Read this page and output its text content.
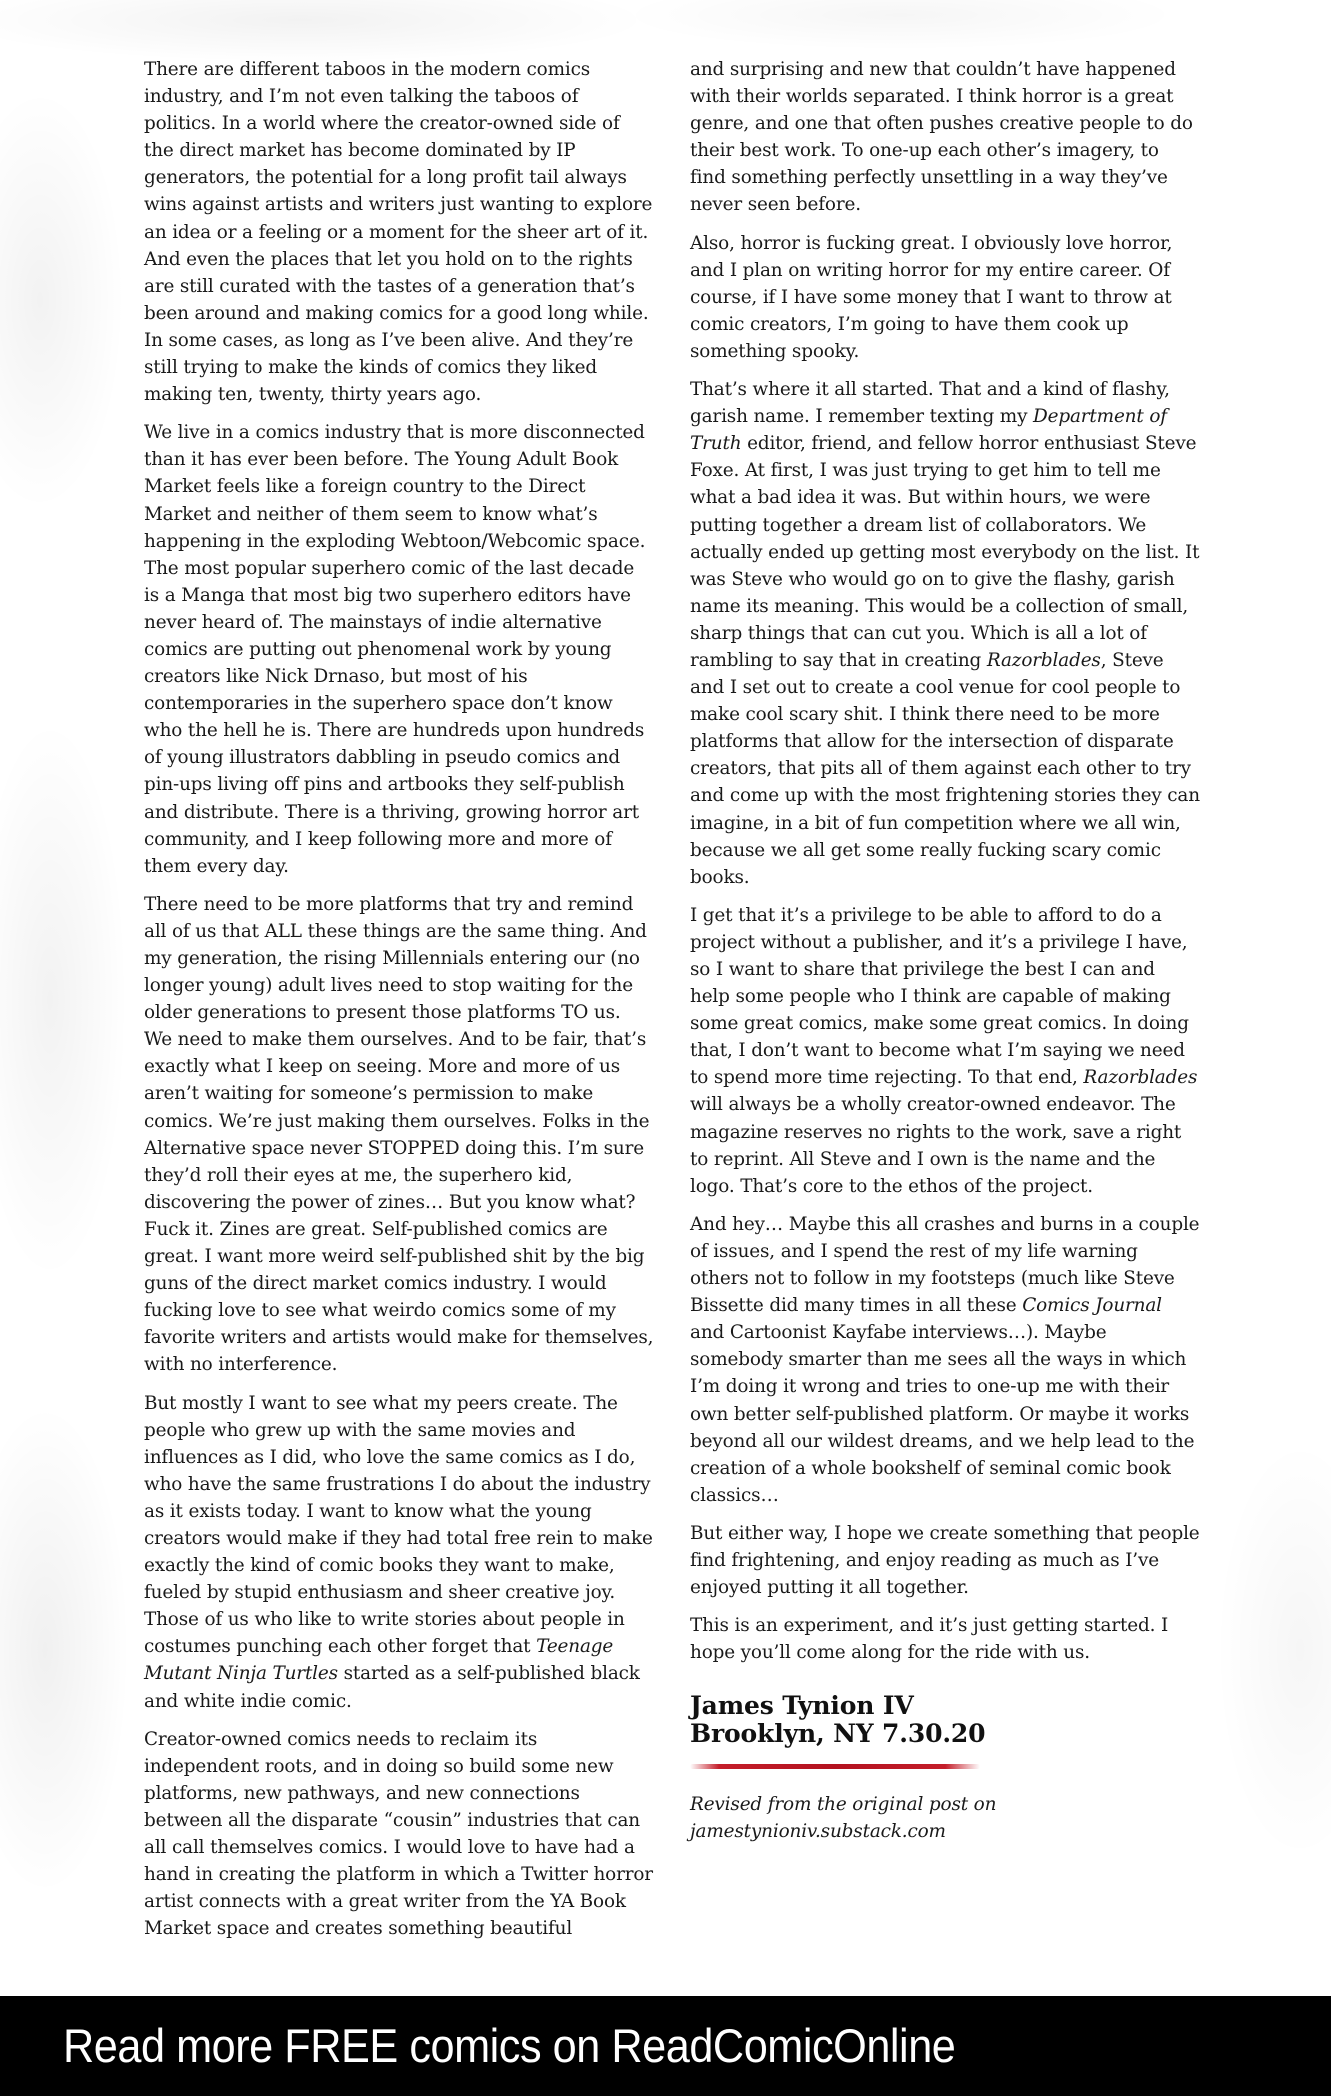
There are different taboos in the modern comics industry, and I’m not even talking the taboos of politics. In a world where the creator-owned side of the direct market has become dominated by IP generators, the potential for a long profit tail always wins against artists and writers just wanting to explore an idea or a feeling or a moment for the sheer art of it. And even the places that let you hold on to the rights are still curated with the tastes of a generation that’s been around and making comics for a good long while. In some cases, as long as I’ve been alive. And they’re still trying to make the kinds of comics they liked making ten, twenty, thirty years ago.

We live in a comics industry that is more disconnected than it has ever been before. The Young Adult Book Market feels like a foreign country to the Direct Market and neither of them seem to know what’s happening in the exploding Webtoon/Webcomic space. The most popular superhero comic of the last decade is a Manga that most big two superhero editors have never heard of. The mainstays of indie alternative comics are putting out phenomenal work by young creators like Nick Drnaso, but most of his contemporaries in the superhero space don’t know who the hell he is. There are hundreds upon hundreds of young illustrators dabbling in pseudo comics and pin-ups living off pins and artbooks they self-publish and distribute. There is a thriving, growing horror art community, and I keep following more and more of them every day.

There need to be more platforms that try and remind all of us that ALL these things are the same thing. And my generation, the rising Millennials entering our (no longer young) adult lives need to stop waiting for the older generations to present those platforms TO us. We need to make them ourselves. And to be fair, that’s exactly what I keep on seeing. More and more of us aren’t waiting for someone’s permission to make comics. We’re just making them ourselves. Folks in the Alternative space never STOPPED doing this. I’m sure they’d roll their eyes at me, the superhero kid, discovering the power of zines… But you know what? Fuck it. Zines are great. Self-published comics are great. I want more weird self-published shit by the big guns of the direct market comics industry. I would fucking love to see what weirdo comics some of my favorite writers and artists would make for themselves, with no interference.

But mostly I want to see what my peers create. The people who grew up with the same movies and influences as I did, who love the same comics as I do, who have the same frustrations I do about the industry as it exists today. I want to know what the young creators would make if they had total free rein to make exactly the kind of comic books they want to make, fueled by stupid enthusiasm and sheer creative joy. Those of us who like to write stories about people in costumes punching each other forget that Teenage Mutant Ninja Turtles started as a self-published black and white indie comic.

Creator-owned comics needs to reclaim its independent roots, and in doing so build some new platforms, new pathways, and new connections between all the disparate “cousin” industries that can all call themselves comics. I would love to have had a hand in creating the platform in which a Twitter horror artist connects with a great writer from the YA Book Market space and creates something beautiful

and surprising and new that couldn’t have happened with their worlds separated. I think horror is a great genre, and one that often pushes creative people to do their best work. To one-up each other’s imagery, to find something perfectly unsettling in a way they’ve never seen before.

Also, horror is fucking great. I obviously love horror, and I plan on writing horror for my entire career. Of course, if I have some money that I want to throw at comic creators, I’m going to have them cook up something spooky.

That’s where it all started. That and a kind of flashy, garish name. I remember texting my Department of Truth editor, friend, and fellow horror enthusiast Steve Foxe. At first, I was just trying to get him to tell me what a bad idea it was. But within hours, we were putting together a dream list of collaborators. We actually ended up getting most everybody on the list. It was Steve who would go on to give the flashy, garish name its meaning. This would be a collection of small, sharp things that can cut you. Which is all a lot of rambling to say that in creating Razorblades, Steve and I set out to create a cool venue for cool people to make cool scary shit. I think there need to be more platforms that allow for the intersection of disparate creators, that pits all of them against each other to try and come up with the most frightening stories they can imagine, in a bit of fun competition where we all win, because we all get some really fucking scary comic books.

I get that it’s a privilege to be able to afford to do a project without a publisher, and it’s a privilege I have, so I want to share that privilege the best I can and help some people who I think are capable of making some great comics, make some great comics. In doing that, I don’t want to become what I’m saying we need to spend more time rejecting. To that end, Razorblades will always be a wholly creator-owned endeavor. The magazine reserves no rights to the work, save a right to reprint. All Steve and I own is the name and the logo. That’s core to the ethos of the project.

And hey… Maybe this all crashes and burns in a couple of issues, and I spend the rest of my life warning others not to follow in my footsteps (much like Steve Bissette did many times in all these Comics Journal and Cartoonist Kayfabe interviews…). Maybe somebody smarter than me sees all the ways in which I’m doing it wrong and tries to one-up me with their own better self-published platform. Or maybe it works beyond all our wildest dreams, and we help lead to the creation of a whole bookshelf of seminal comic book classics…

But either way, I hope we create something that people find frightening, and enjoy reading as much as I’ve enjoyed putting it all together.

This is an experiment, and it’s just getting started. I hope you’ll come along for the ride with us.

James Tynion IV
Brooklyn, NY 7.30.20
Revised from the original post on
jamestynioniv.substack.com
Read more FREE comics on ReadComicOnline
